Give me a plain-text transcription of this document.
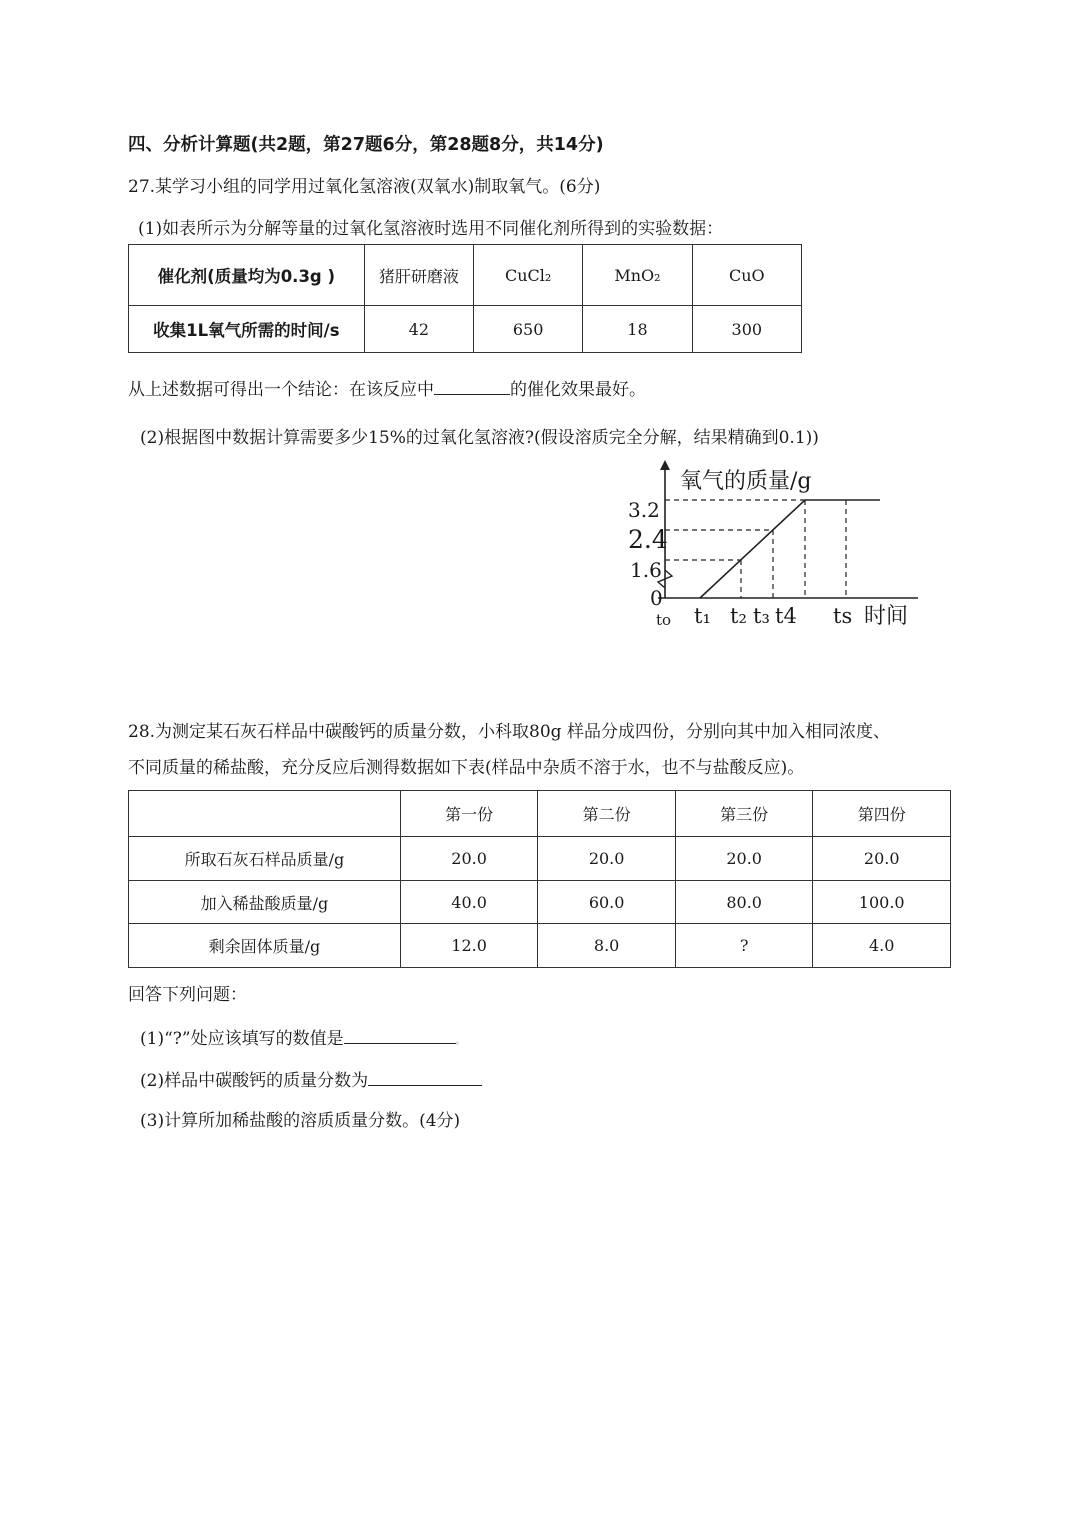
四、分析计算题(共2题，第27题6分，第28题8分，共14分)
27.某学习小组的同学用过氧化氢溶液(双氧水)制取氧气。(6分)
(1)如表所示为分解等量的过氧化氢溶液时选用不同催化剂所得到的实验数据：
催化剂(质量均为0.3g )	猪肝研磨液	CuCl₂	MnO₂	CuO
收集1L氧气所需的时间/s	42	650	18	300
从上述数据可得出一个结论：在该反应中	的催化效果最好。
(2)根据图中数据计算需要多少15%的过氧化氢溶液?(假设溶质完全分解，结果精确到0.1))
氧气的质量/g
3.2
2.4
1.6
0
to t₁ t₂ t₃ t4 ts 时间
28.为测定某石灰石样品中碳酸钙的质量分数，小科取80g 样品分成四份，分别向其中加入相同浓度、
不同质量的稀盐酸，充分反应后测得数据如下表(样品中杂质不溶于水，也不与盐酸反应)。
	第一份	第二份	第三份	第四份
所取石灰石样品质量/g	20.0	20.0	20.0	20.0
加入稀盐酸质量/g	40.0	60.0	80.0	100.0
剩余固体质量/g	12.0	8.0	?	4.0
回答下列问题：
(1)“?”处应该填写的数值是	。
(2)样品中碳酸钙的质量分数为
(3)计算所加稀盐酸的溶质质量分数。(4分)
